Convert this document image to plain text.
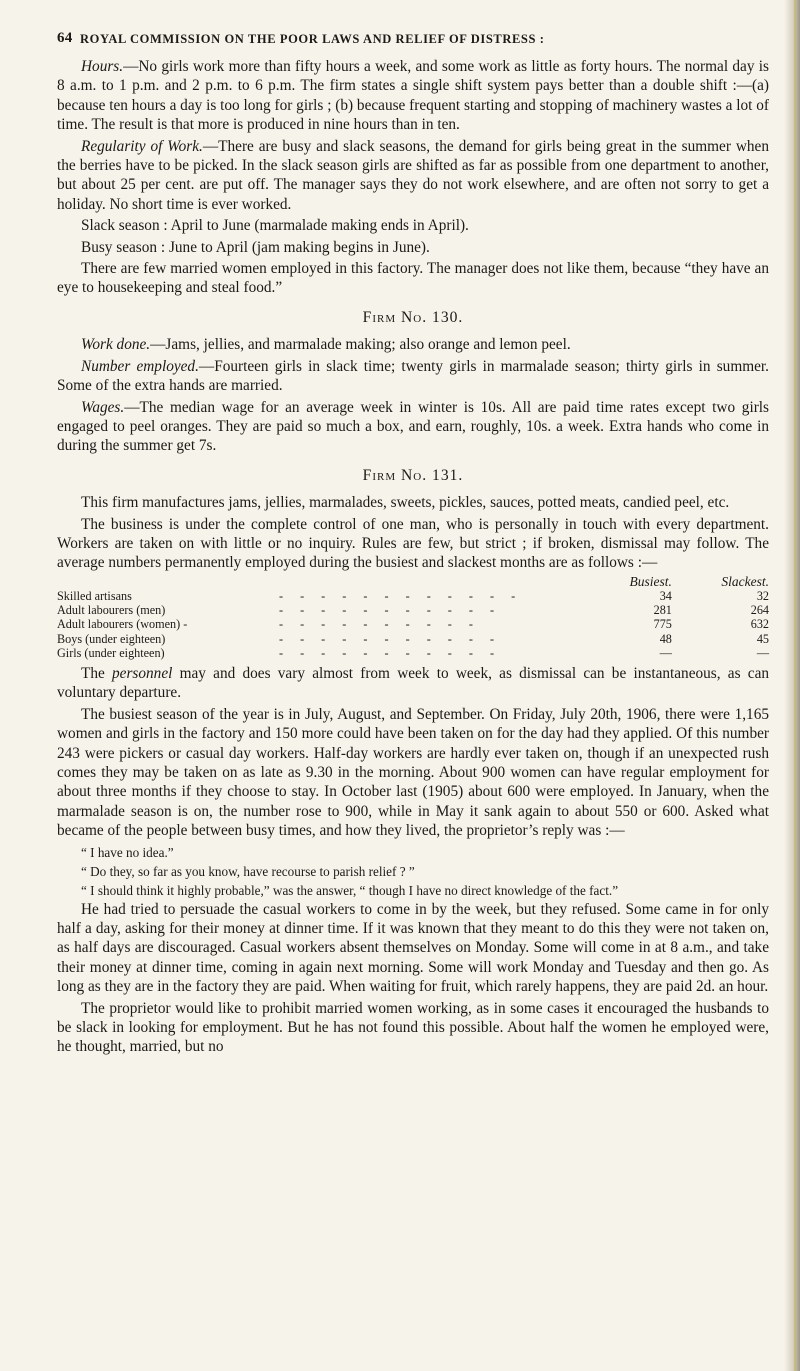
64 ROYAL COMMISSION ON THE POOR LAWS AND RELIEF OF DISTRESS :

Hours.—No girls work more than fifty hours a week, and some work as little as forty hours. The normal day is 8 a.m. to 1 p.m. and 2 p.m. to 6 p.m. The firm states a single shift system pays better than a double shift :—(a) because ten hours a day is too long for girls ; (b) because frequent starting and stopping of machinery wastes a lot of time. The result is that more is produced in nine hours than in ten.

Regularity of Work.—There are busy and slack seasons, the demand for girls being great in the summer when the berries have to be picked. In the slack season girls are shifted as far as possible from one department to another, but about 25 per cent. are put off. The manager says they do not work elsewhere, and are often not sorry to get a holiday. No short time is ever worked.

Slack season : April to June (marmalade making ends in April).

Busy season : June to April (jam making begins in June).

There are few married women employed in this factory. The manager does not like them, because “they have an eye to housekeeping and steal food.”

Firm No. 130.

Work done.—Jams, jellies, and marmalade making; also orange and lemon peel.

Number employed.—Fourteen girls in slack time; twenty girls in marmalade season; thirty girls in summer. Some of the extra hands are married.

Wages.—The median wage for an average week in winter is 10s. All are paid time rates except two girls engaged to peel oranges. They are paid so much a box, and earn, roughly, 10s. a week. Extra hands who come in during the summer get 7s.

Firm No. 131.

This firm manufactures jams, jellies, marmalades, sweets, pickles, sauces, potted meats, candied peel, etc.

The business is under the complete control of one man, who is personally in touch with every department. Workers are taken on with little or no inquiry. Rules are few, but strict ; if broken, dismissal may follow. The average numbers permanently employed during the busiest and slackest months are as follows :—

Busiest.			Slackest.
Skilled artisans	- - - - - - - - - - - -	34	32
Adult labourers (men)	- - - - - - - - - - -	281	264
Adult labourers (women) -	- - - - - - - - - -	775	632
Boys (under eighteen)	- - - - - - - - - - -	48	45
Girls (under eighteen)	- - - - - - - - - - -	—	—

The personnel may and does vary almost from week to week, as dismissal can be instantaneous, as can voluntary departure.

The busiest season of the year is in July, August, and September. On Friday, July 20th, 1906, there were 1,165 women and girls in the factory and 150 more could have been taken on for the day had they applied. Of this number 243 were pickers or casual day workers. Half-day workers are hardly ever taken on, though if an unexpected rush comes they may be taken on as late as 9.30 in the morning. About 900 women can have regular employment for about three months if they choose to stay. In October last (1905) about 600 were employed. In January, when the marmalade season is on, the number rose to 900, while in May it sank again to about 550 or 600. Asked what became of the people between busy times, and how they lived, the proprietor’s reply was :—

“ I have no idea.”

“ Do they, so far as you know, have recourse to parish relief ? ”

“ I should think it highly probable,” was the answer, “ though I have no direct knowledge of the fact.”

He had tried to persuade the casual workers to come in by the week, but they refused. Some came in for only half a day, asking for their money at dinner time. If it was known that they meant to do this they were not taken on, as half days are discouraged. Casual workers absent themselves on Monday. Some will come in at 8 a.m., and take their money at dinner time, coming in again next morning. Some will work Monday and Tuesday and then go. As long as they are in the factory they are paid. When waiting for fruit, which rarely happens, they are paid 2d. an hour.

The proprietor would like to prohibit married women working, as in some cases it encouraged the husbands to be slack in looking for employment. But he has not found this possible. About half the women he employed were, he thought, married, but no
